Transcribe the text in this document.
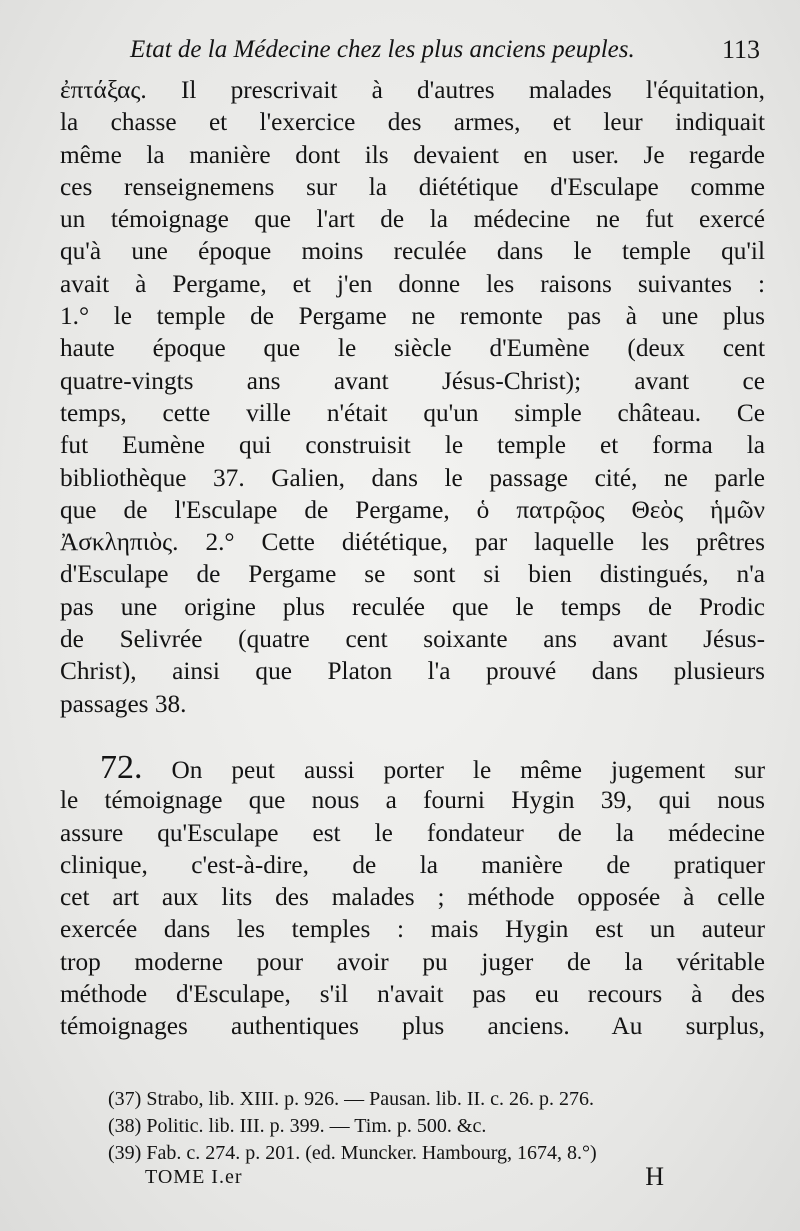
Etat de la Médecine chez les plus anciens peuples.	113
ἐπτάξας. Il prescrivait à d'autres malades l'équitation,
la chasse et l'exercice des armes, et leur indiquait
même la manière dont ils devaient en user. Je regarde
ces renseignemens sur la diététique d'Esculape comme
un témoignage que l'art de la médecine ne fut exercé
qu'à une époque moins reculée dans le temple qu'il
avait à Pergame, et j'en donne les raisons suivantes :
1.° le temple de Pergame ne remonte pas à une plus
haute époque que le siècle d'Eumène (deux cent
quatre-vingts ans avant Jésus-Christ); avant ce
temps, cette ville n'était qu'un simple château. Ce
fut Eumène qui construisit le temple et forma la
bibliothèque 37. Galien, dans le passage cité, ne parle
que de l'Esculape de Pergame, ὁ πατρῷος Θεὸς ἡμῶν
Ἀσκληπιὸς. 2.° Cette diététique, par laquelle les prêtres
d'Esculape de Pergame se sont si bien distingués, n'a
pas une origine plus reculée que le temps de Prodic
de Selivrée (quatre cent soixante ans avant Jésus-
Christ), ainsi que Platon l'a prouvé dans plusieurs
passages 38.
72. On peut aussi porter le même jugement sur
le témoignage que nous a fourni Hygin 39, qui nous
assure qu'Esculape est le fondateur de la médecine
clinique, c'est-à-dire, de la manière de pratiquer
cet art aux lits des malades ; méthode opposée à celle
exercée dans les temples : mais Hygin est un auteur
trop moderne pour avoir pu juger de la véritable
méthode d'Esculape, s'il n'avait pas eu recours à des
témoignages authentiques plus anciens. Au surplus,
(37) Strabo, lib. XIII. p. 926. — Pausan. lib. II. c. 26. p. 276.
(38) Politic. lib. III. p. 399. — Tim. p. 500. &c.
(39) Fab. c. 274. p. 201. (ed. Muncker. Hambourg, 1674, 8.°)
TOME I.er	H
